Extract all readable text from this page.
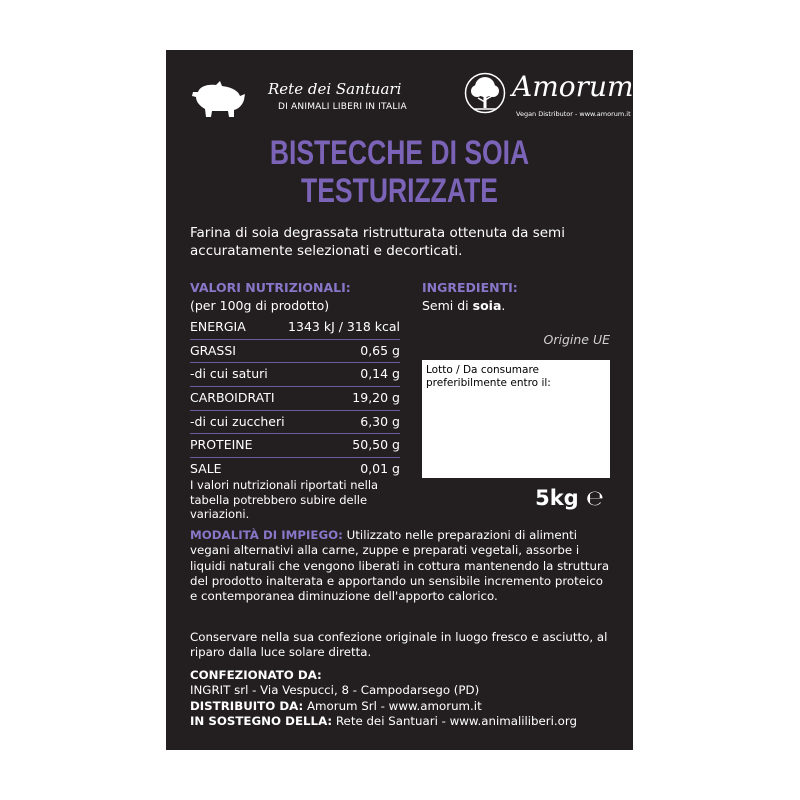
Rete dei Santuari
DI ANIMALI LIBERI IN ITALIA
Amorum
Vegan Distributor - www.amorum.it
BISTECCHE DI SOIA
TESTURIZZATE
Farina di soia degrassata ristrutturata ottenuta da semi accuratamente selezionati e decorticati.
VALORI NUTRIZIONALI:
(per 100g di prodotto)
ENERGIA	1343 kJ / 318 kcal
GRASSI	0,65 g
-di cui saturi	0,14 g
CARBOIDRATI	19,20 g
-di cui zuccheri	6,30 g
PROTEINE	50,50 g
SALE	0,01 g
I valori nutrizionali riportati nella tabella potrebbero subire delle variazioni.
INGREDIENTI:
Semi di soia.
Origine UE
Lotto / Da consumare preferibilmente entro il:
5kg ℮
MODALITÀ DI IMPIEGO: Utilizzato nelle preparazioni di alimenti vegani alternativi alla carne, zuppe e preparati vegetali, assorbe i liquidi naturali che vengono liberati in cottura mantenendo la struttura del prodotto inalterata e apportando un sensibile incremento proteico e contemporanea diminuzione dell'apporto calorico.
Conservare nella sua confezione originale in luogo fresco e asciutto, al riparo dalla luce solare diretta.
CONFEZIONATO DA:
INGRIT srl - Via Vespucci, 8 - Campodarsego (PD)
DISTRIBUITO DA: Amorum Srl - www.amorum.it
IN SOSTEGNO DELLA: Rete dei Santuari - www.animaliliberi.org
